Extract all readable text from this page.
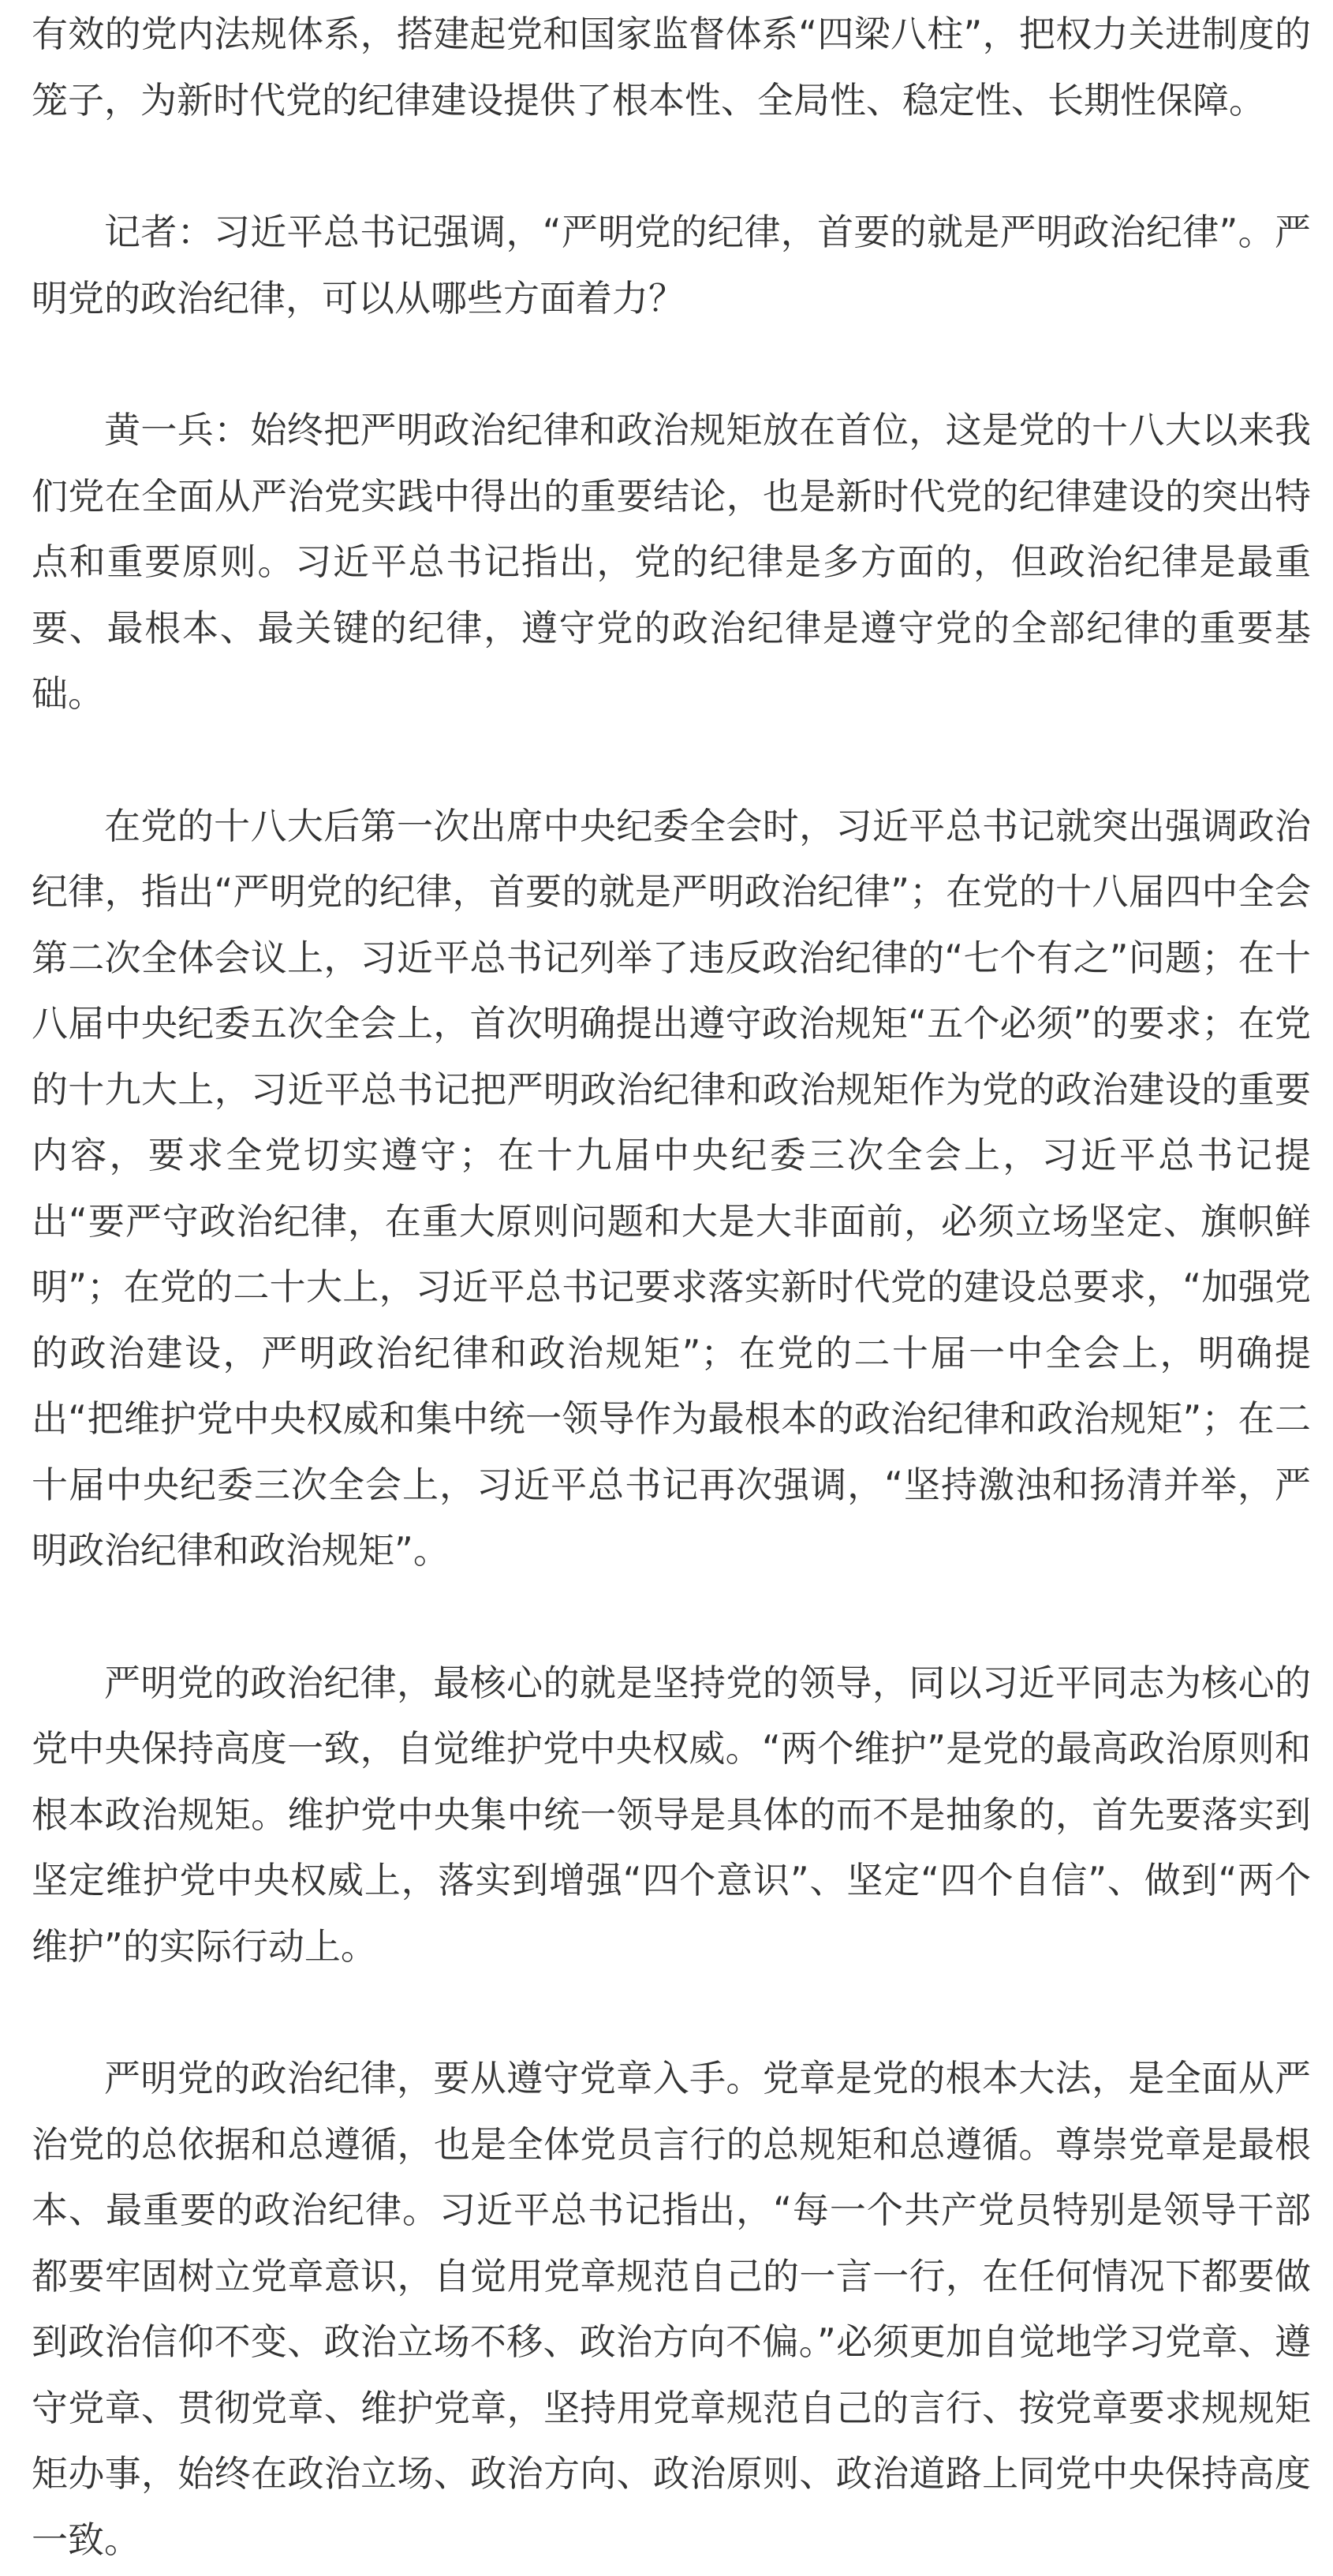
有效的党内法规体系，搭建起党和国家监督体系“四梁八柱”，把权力关进制度的笼子，为新时代党的纪律建设提供了根本性、全局性、稳定性、长期性保障。

记者：习近平总书记强调，“严明党的纪律，首要的就是严明政治纪律”。严明党的政治纪律，可以从哪些方面着力？

黄一兵：始终把严明政治纪律和政治规矩放在首位，这是党的十八大以来我们党在全面从严治党实践中得出的重要结论，也是新时代党的纪律建设的突出特点和重要原则。习近平总书记指出，党的纪律是多方面的，但政治纪律是最重要、最根本、最关键的纪律，遵守党的政治纪律是遵守党的全部纪律的重要基础。

在党的十八大后第一次出席中央纪委全会时，习近平总书记就突出强调政治纪律，指出“严明党的纪律，首要的就是严明政治纪律”；在党的十八届四中全会第二次全体会议上，习近平总书记列举了违反政治纪律的“七个有之”问题；在十八届中央纪委五次全会上，首次明确提出遵守政治规矩“五个必须”的要求；在党的十九大上，习近平总书记把严明政治纪律和政治规矩作为党的政治建设的重要内容，要求全党切实遵守；在十九届中央纪委三次全会上，习近平总书记提出“要严守政治纪律，在重大原则问题和大是大非面前，必须立场坚定、旗帜鲜明”；在党的二十大上，习近平总书记要求落实新时代党的建设总要求，“加强党的政治建设，严明政治纪律和政治规矩”；在党的二十届一中全会上，明确提出“把维护党中央权威和集中统一领导作为最根本的政治纪律和政治规矩”；在二十届中央纪委三次全会上，习近平总书记再次强调，“坚持激浊和扬清并举，严明政治纪律和政治规矩”。

严明党的政治纪律，最核心的就是坚持党的领导，同以习近平同志为核心的党中央保持高度一致，自觉维护党中央权威。“两个维护”是党的最高政治原则和根本政治规矩。维护党中央集中统一领导是具体的而不是抽象的，首先要落实到坚定维护党中央权威上，落实到增强“四个意识”、坚定“四个自信”、做到“两个维护”的实际行动上。

严明党的政治纪律，要从遵守党章入手。党章是党的根本大法，是全面从严治党的总依据和总遵循，也是全体党员言行的总规矩和总遵循。尊崇党章是最根本、最重要的政治纪律。习近平总书记指出，“每一个共产党员特别是领导干部都要牢固树立党章意识，自觉用党章规范自己的一言一行，在任何情况下都要做到政治信仰不变、政治立场不移、政治方向不偏。”必须更加自觉地学习党章、遵守党章、贯彻党章、维护党章，坚持用党章规范自己的言行、按党章要求规规矩矩办事，始终在政治立场、政治方向、政治原则、政治道路上同党中央保持高度一致。
